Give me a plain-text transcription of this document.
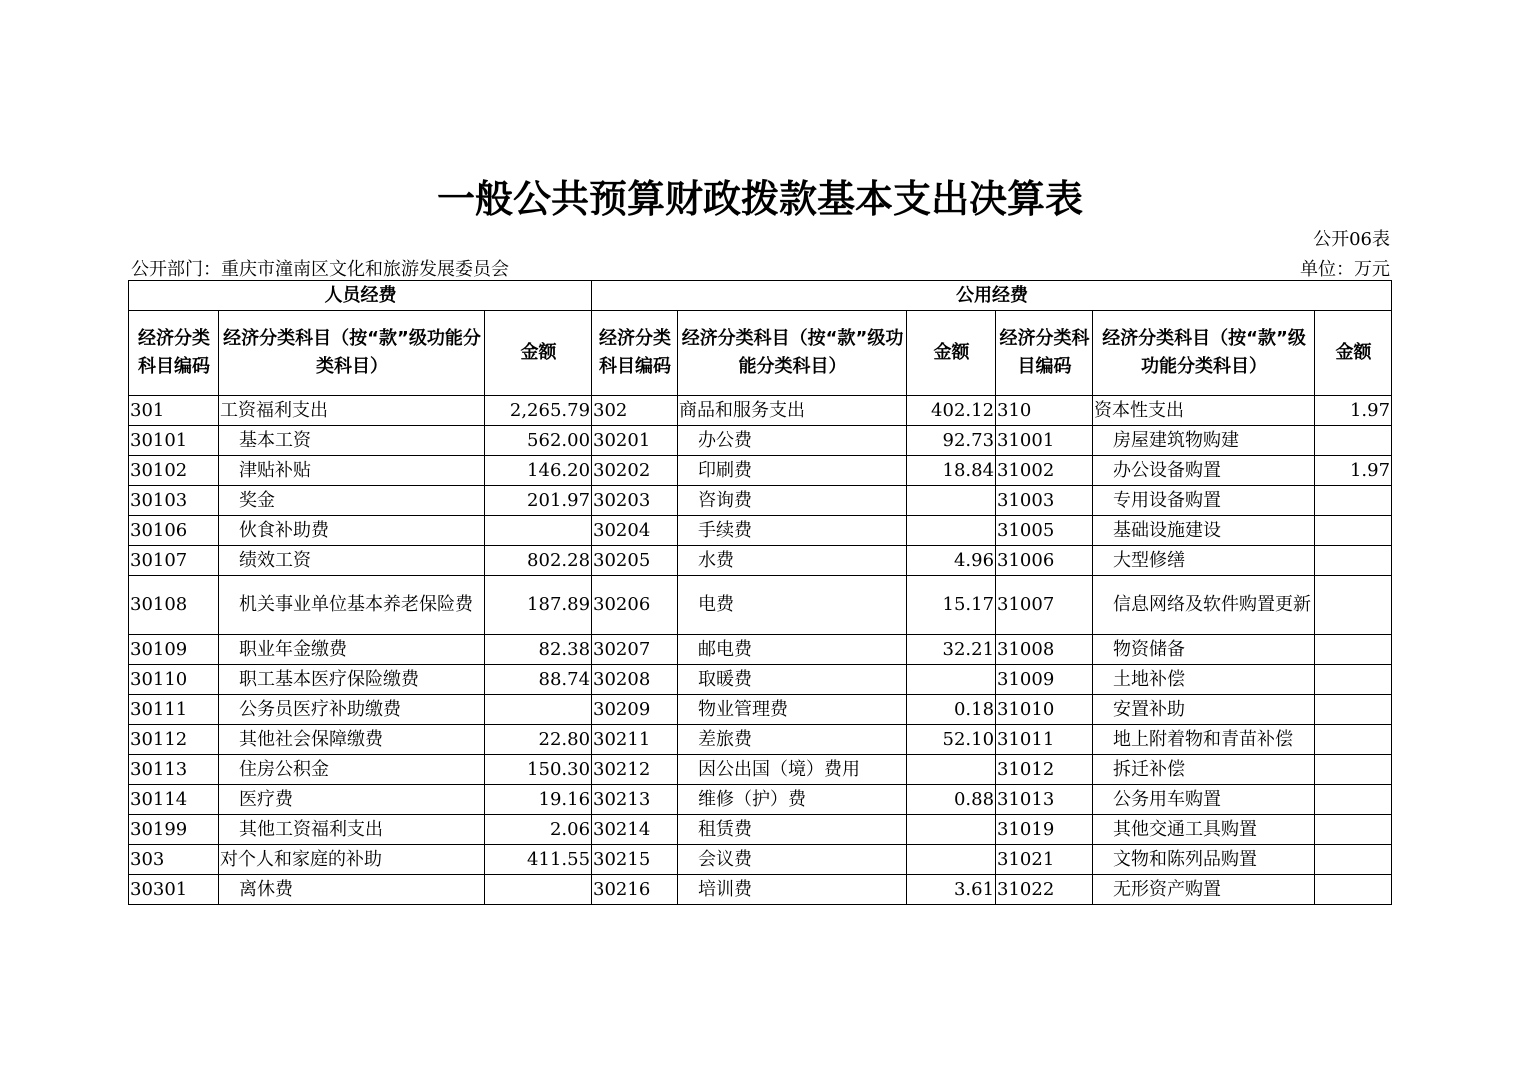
一般公共预算财政拨款基本支出决算表
公开06表
公开部门：重庆市潼南区文化和旅游发展委员会	单位：万元
人员经费			公用经费					
经济分类科目编码	经济分类科目（按“款”级功能分类科目）	金额	经济分类科目编码	经济分类科目（按“款”级功能分类科目）	金额	经济分类科目编码	经济分类科目（按“款”级功能分类科目）	金额
301	工资福利支出	2,265.79	302	商品和服务支出	402.12	310	资本性支出	1.97
30101	基本工资	562.00	30201	办公费	92.73	31001	房屋建筑物购建	
30102	津贴补贴	146.20	30202	印刷费	18.84	31002	办公设备购置	1.97
30103	奖金	201.97	30203	咨询费		31003	专用设备购置	
30106	伙食补助费		30204	手续费		31005	基础设施建设	
30107	绩效工资	802.28	30205	水费	4.96	31006	大型修缮	
30108	机关事业单位基本养老保险费	187.89	30206	电费	15.17	31007	信息网络及软件购置更新	
30109	职业年金缴费	82.38	30207	邮电费	32.21	31008	物资储备	
30110	职工基本医疗保险缴费	88.74	30208	取暖费		31009	土地补偿	
30111	公务员医疗补助缴费		30209	物业管理费	0.18	31010	安置补助	
30112	其他社会保障缴费	22.80	30211	差旅费	52.10	31011	地上附着物和青苗补偿	
30113	住房公积金	150.30	30212	因公出国（境）费用		31012	拆迁补偿	
30114	医疗费	19.16	30213	维修（护）费	0.88	31013	公务用车购置	
30199	其他工资福利支出	2.06	30214	租赁费		31019	其他交通工具购置	
303	对个人和家庭的补助	411.55	30215	会议费		31021	文物和陈列品购置	
30301	离休费		30216	培训费	3.61	31022	无形资产购置	
